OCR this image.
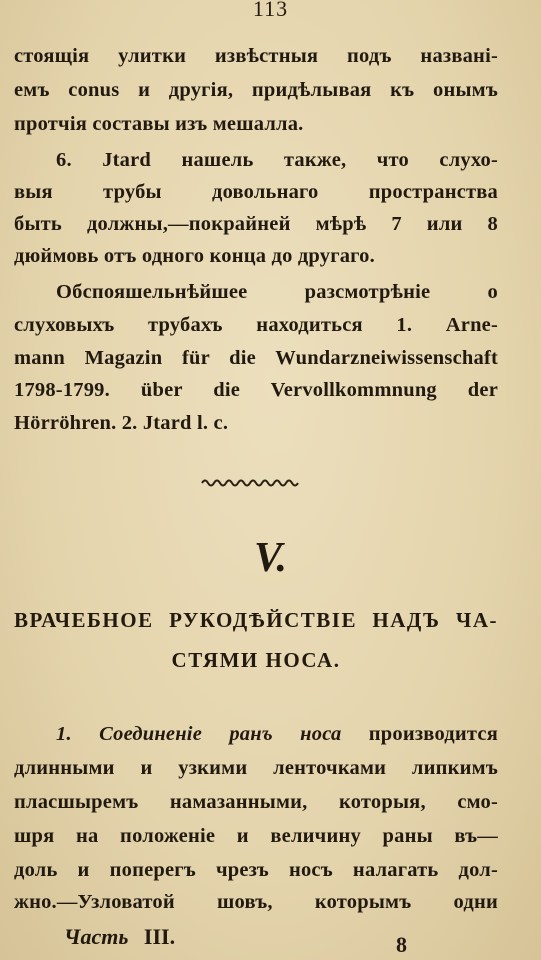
113
стоящія улитки извѣстныя подъ названі-
емъ conus и другія, придѣлывая къ онымъ
протчія составы изъ мешалла.
6. Jtard нашель также, что слухо-
выя трубы довольнаго пространства
быть должны,—покрайней мѣрѣ 7 или 8
дюймовь отъ одного конца до другаго.
Обспояшельнѣйшее разсмотрѣніе о
слуховыхъ трубахъ находиться 1. Arne-
mann Magazin für die Wundarzneiwissenschaft
1798-1799. über die Vervollkommnung der
Hörröhren. 2. Jtard l. c.
V.
ВРАЧЕБНОЕ РУКОДѢЙСТВІЕ НАДЪ ЧА-
СТЯМИ НОСА.
1. Соединеніе ранъ носа производится
длинными и узкими ленточками липкимъ
пласшыремъ намазанными, которыя, смо-
шря на положеніе и величину раны въ—
доль и поперегъ чрезъ носъ налагать дол-
жно.—Узловатой шовъ, которымъ одни
Часть III.	8
